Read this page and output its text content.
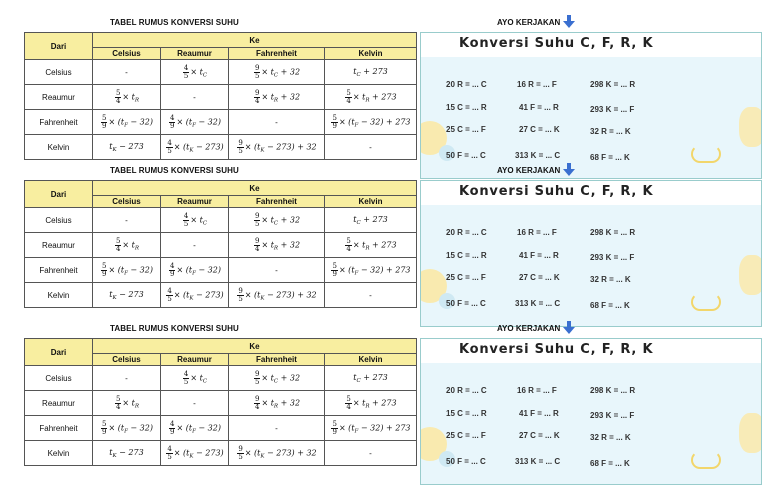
TABEL RUMUS KONVERSI SUHU	AYO KERJAKAN
Dari	Ke			
	Celsius	Reaumur	Fahrenheit	Kelvin
Celsius	-	$\frac{4}{5} \times t_C$	$\frac{9}{5} \times t_C + 32$	$t_C + 273$
Reaumur	$\frac{5}{4} \times t_R$	-	$\frac{9}{4} \times t_R + 32$	$\frac{5}{4} \times t_R + 273$
Fahrenheit	$\frac{5}{9} \times (t_F - 32)$	$\frac{4}{9} \times (t_F - 32)$	-	$\frac{5}{9} \times (t_F - 32) + 273$
Kelvin	$t_K - 273$	$\frac{4}{5} \times (t_K - 273)$	$\frac{9}{5} \times (t_K - 273) + 32$	-
Konversi Suhu C, F, R, K
20 R = ... C	16 R = ... F	298 K = ... R
15 C = ... R	41 F = ... R	293 K = ... F
25 C = ... F	27 C = ... K	32 R = ... K
50 F = ... C	313 K = ... C	68 F = ... K
TABEL RUMUS KONVERSI SUHU	AYO KERJAKAN
Dari	Ke			
	Celsius	Reaumur	Fahrenheit	Kelvin
Celsius	-	$\frac{4}{5} \times t_C$	$\frac{9}{5} \times t_C + 32$	$t_C + 273$
Reaumur	$\frac{5}{4} \times t_R$	-	$\frac{9}{4} \times t_R + 32$	$\frac{5}{4} \times t_R + 273$
Fahrenheit	$\frac{5}{9} \times (t_F - 32)$	$\frac{4}{9} \times (t_F - 32)$	-	$\frac{5}{9} \times (t_F - 32) + 273$
Kelvin	$t_K - 273$	$\frac{4}{5} \times (t_K - 273)$	$\frac{9}{5} \times (t_K - 273) + 32$	-
Konversi Suhu C, F, R, K
20 R = ... C	16 R = ... F	298 K = ... R
15 C = ... R	41 F = ... R	293 K = ... F
25 C = ... F	27 C = ... K	32 R = ... K
50 F = ... C	313 K = ... C	68 F = ... K
TABEL RUMUS KONVERSI SUHU	AYO KERJAKAN
Dari	Ke			
	Celsius	Reaumur	Fahrenheit	Kelvin
Celsius	-	$\frac{4}{5} \times t_C$	$\frac{9}{5} \times t_C + 32$	$t_C + 273$
Reaumur	$\frac{5}{4} \times t_R$	-	$\frac{9}{4} \times t_R + 32$	$\frac{5}{4} \times t_R + 273$
Fahrenheit	$\frac{5}{9} \times (t_F - 32)$	$\frac{4}{9} \times (t_F - 32)$	-	$\frac{5}{9} \times (t_F - 32) + 273$
Kelvin	$t_K - 273$	$\frac{4}{5} \times (t_K - 273)$	$\frac{9}{5} \times (t_K - 273) + 32$	-
Konversi Suhu C, F, R, K
20 R = ... C	16 R = ... F	298 K = ... R
15 C = ... R	41 F = ... R	293 K = ... F
25 C = ... F	27 C = ... K	32 R = ... K
50 F = ... C	313 K = ... C	68 F = ... K
